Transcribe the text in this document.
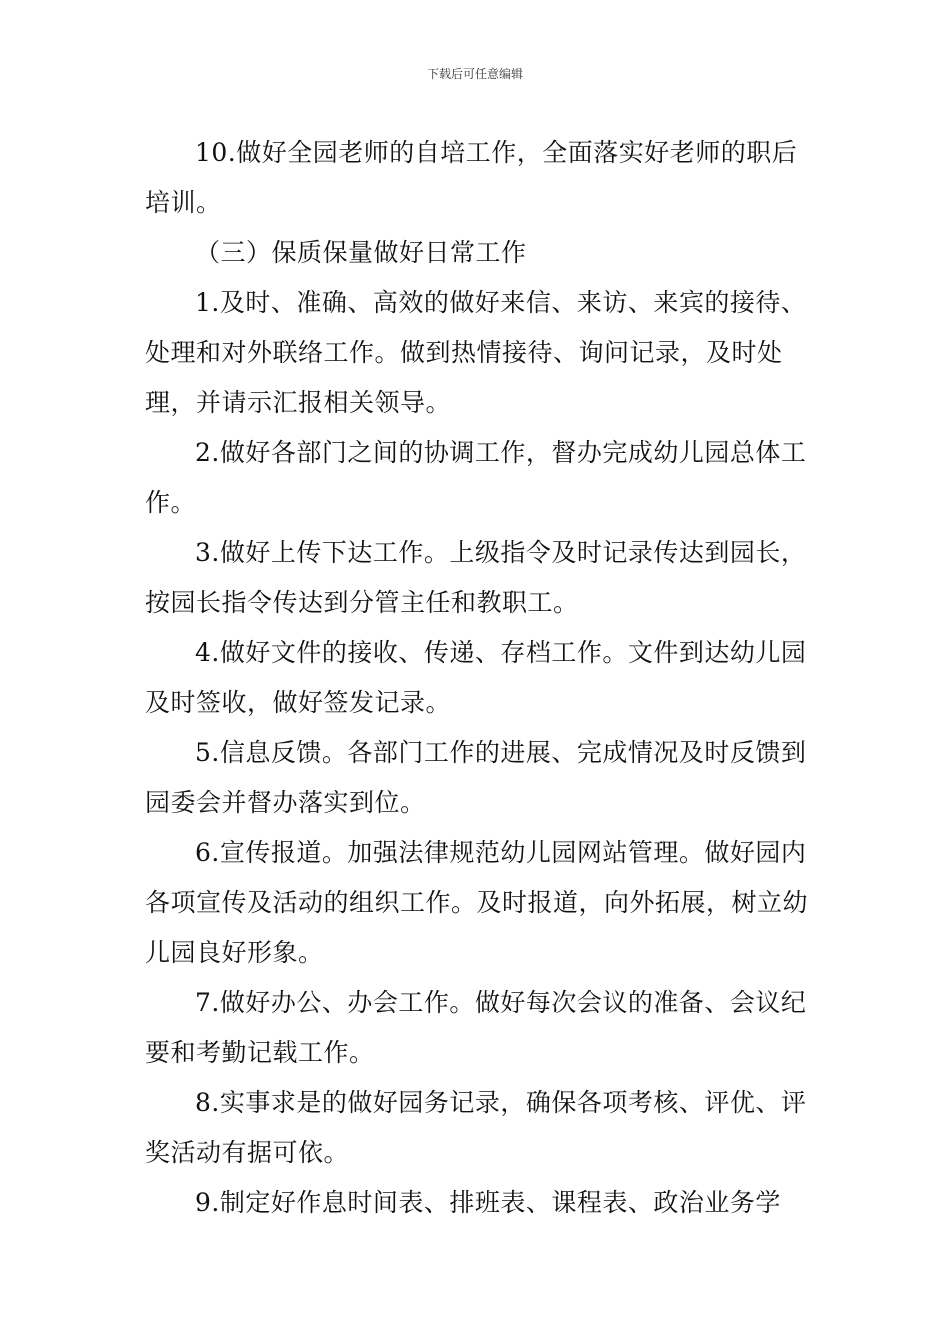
下载后可任意编辑

10.做好全园老师的自培工作，全面落实好老师的职后培训。

（三）保质保量做好日常工作

1.及时、准确、高效的做好来信、来访、来宾的接待、处理和对外联络工作。做到热情接待、询问记录，及时处理，并请示汇报相关领导。

2.做好各部门之间的协调工作，督办完成幼儿园总体工作。

3.做好上传下达工作。上级指令及时记录传达到园长，按园长指令传达到分管主任和教职工。

4.做好文件的接收、传递、存档工作。文件到达幼儿园及时签收，做好签发记录。

5.信息反馈。各部门工作的进展、完成情况及时反馈到园委会并督办落实到位。

6.宣传报道。加强法律规范幼儿园网站管理。做好园内各项宣传及活动的组织工作。及时报道，向外拓展，树立幼儿园良好形象。

7.做好办公、办会工作。做好每次会议的准备、会议纪要和考勤记载工作。

8.实事求是的做好园务记录，确保各项考核、评优、评奖活动有据可依。

9.制定好作息时间表、排班表、课程表、政治业务学
